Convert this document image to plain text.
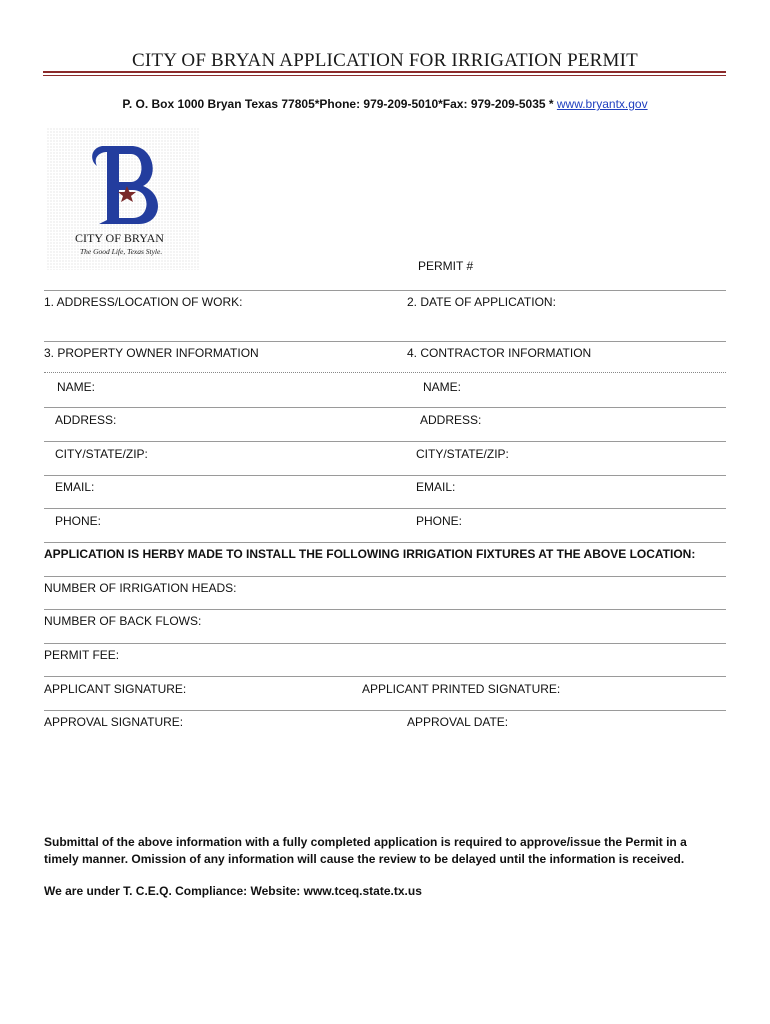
CITY OF BRYAN APPLICATION FOR IRRIGATION PERMIT
P. O. Box 1000 Bryan Texas 77805*Phone: 979-209-5010*Fax: 979-209-5035 * www.bryantx.gov
CITY OF BRYAN
The Good Life, Texas Style.
PERMIT #
1. ADDRESS/LOCATION OF WORK:	2. DATE OF APPLICATION:
3. PROPERTY OWNER INFORMATION	4. CONTRACTOR INFORMATION
NAME:	NAME:
ADDRESS:	ADDRESS:
CITY/STATE/ZIP:	CITY/STATE/ZIP:
EMAIL:	EMAIL:
PHONE:	PHONE:
APPLICATION IS HERBY MADE TO INSTALL THE FOLLOWING IRRIGATION FIXTURES AT THE ABOVE LOCATION:
NUMBER OF IRRIGATION HEADS:
NUMBER OF BACK FLOWS:
PERMIT FEE:
APPLICANT SIGNATURE:	APPLICANT PRINTED SIGNATURE:
APPROVAL SIGNATURE:	APPROVAL DATE:
Submittal of the above information with a fully completed application is required to approve/issue the Permit in a timely manner. Omission of any information will cause the review to be delayed until the information is received.
We are under T. C.E.Q. Compliance: Website: www.tceq.state.tx.us
